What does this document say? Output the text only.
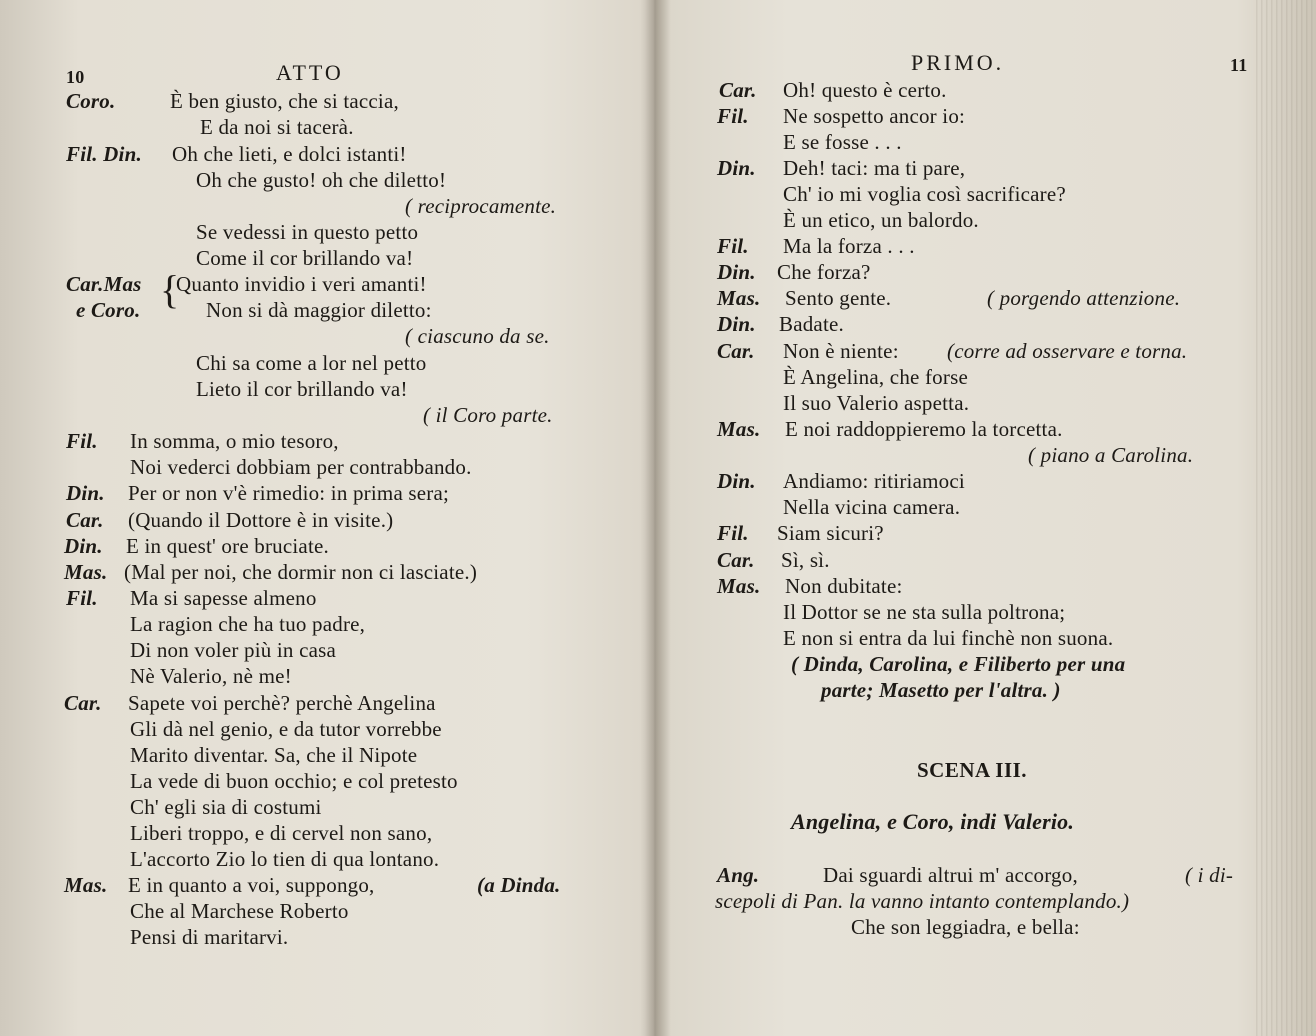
10	ATTO
Coro.	È ben giusto, che si taccia,
E da noi si tacerà.
Fil. Din. Oh che lieti, e dolci istanti!
Oh che gusto! oh che diletto!
( reciprocamente.
Se vedessi in questo petto
Come il cor brillando va!
Car.Mas {
Quanto invidio i veri amanti!
e Coro.	Non si dà maggior diletto:
( ciascuno da se.
Chi sa come a lor nel petto
Lieto il cor brillando va!
( il Coro parte.
Fil. In somma, o mio tesoro,
Noi vederci dobbiam per contrabbando.
Din. Per or non v'è rimedio: in prima sera;
Car. (Quando il Dottore è in visite.)
Din. E in quest' ore bruciate.
Mas. (Mal per noi, che dormir non ci lasciate.)
Fil. Ma si sapesse almeno
La ragion che ha tuo padre,
Di non voler più in casa
Nè Valerio, nè me!
Car. Sapete voi perchè? perchè Angelina
Gli dà nel genio, e da tutor vorrebbe
Marito diventar. Sa, che il Nipote
La vede di buon occhio; e col pretesto
Ch' egli sia di costumi
Liberi troppo, e di cervel non sano,
L'accorto Zio lo tien di qua lontano.
Mas. E in quanto a voi, suppongo,	(a Dinda.
Che al Marchese Roberto
Pensi di maritarvi.
PRIMO.	11
Car. Oh! questo è certo.
Fil. Ne sospetto ancor io:
E se fosse . . .
Din. Deh! taci: ma ti pare,
Ch' io mi voglia così sacrificare?
È un etico, un balordo.
Fil. Ma la forza . . .
Din. Che forza?
Mas. Sento gente.	( porgendo attenzione.
Din. Badate.
Car. Non è niente: (corre ad osservare e torna.
È Angelina, che forse
Il suo Valerio aspetta.
Mas. E noi raddoppieremo la torcetta.
( piano a Carolina.
Din. Andiamo: ritiriamoci
Nella vicina camera.
Fil. Siam sicuri?
Car. Sì, sì.
Mas. Non dubitate:
Il Dottor se ne sta sulla poltrona;
E non si entra da lui finchè non suona.
( Dinda, Carolina, e Filiberto per una
parte; Masetto per l'altra. )
SCENA III.
Angelina, e Coro, indi Valerio.
Ang.	Dai sguardi altrui m' accorgo,	( i di-
scepoli di Pan. la vanno intanto contemplando.)
Che son leggiadra, e bella:
